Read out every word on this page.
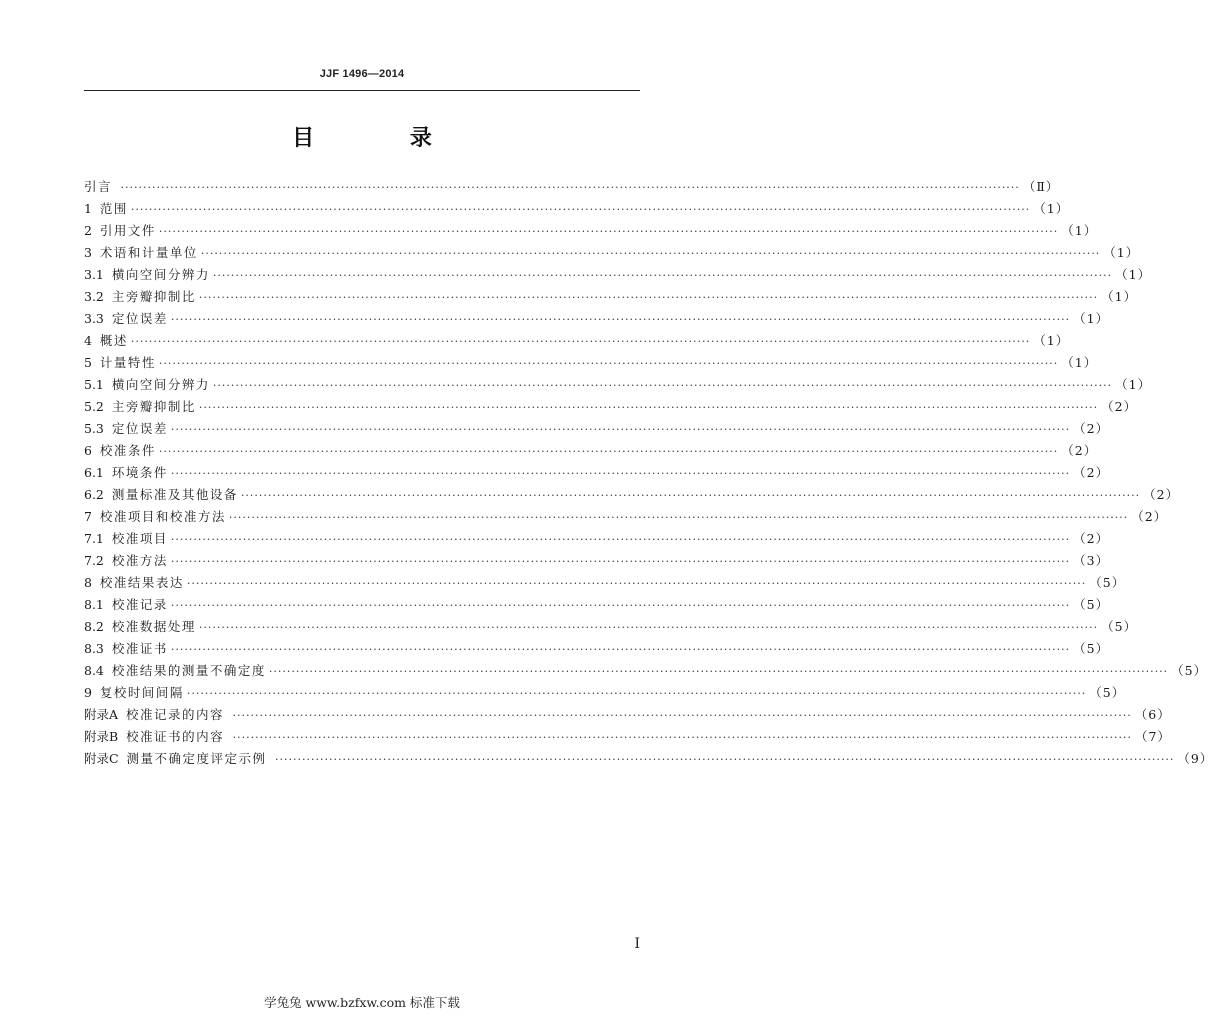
JJF 1496—2014
目 录
引言 ········································································································································································································ （Ⅱ）
1 范围 ········································································································································································································ （1）
2 引用文件 ········································································································································································································ （1）
3 术语和计量单位 ········································································································································································································ （1）
3.1 横向空间分辨力 ········································································································································································································ （1）
3.2 主旁瓣抑制比 ········································································································································································································ （1）
3.3 定位误差 ········································································································································································································ （1）
4 概述 ········································································································································································································ （1）
5 计量特性 ········································································································································································································ （1）
5.1 横向空间分辨力 ········································································································································································································ （1）
5.2 主旁瓣抑制比 ········································································································································································································ （2）
5.3 定位误差 ········································································································································································································ （2）
6 校准条件 ········································································································································································································ （2）
6.1 环境条件 ········································································································································································································ （2）
6.2 测量标准及其他设备 ········································································································································································································ （2）
7 校准项目和校准方法 ········································································································································································································ （2）
7.1 校准项目 ········································································································································································································ （2）
7.2 校准方法 ········································································································································································································ （3）
8 校准结果表达 ········································································································································································································ （5）
8.1 校准记录 ········································································································································································································ （5）
8.2 校准数据处理 ········································································································································································································ （5）
8.3 校准证书 ········································································································································································································ （5）
8.4 校准结果的测量不确定度 ········································································································································································································ （5）
9 复校时间间隔 ········································································································································································································ （5）
附录A 校准记录的内容 ········································································································································································································ （6）
附录B 校准证书的内容 ········································································································································································································ （7）
附录C 测量不确定度评定示例 ········································································································································································································ （9）
I
学兔兔 www.bzfxw.com 标准下载
